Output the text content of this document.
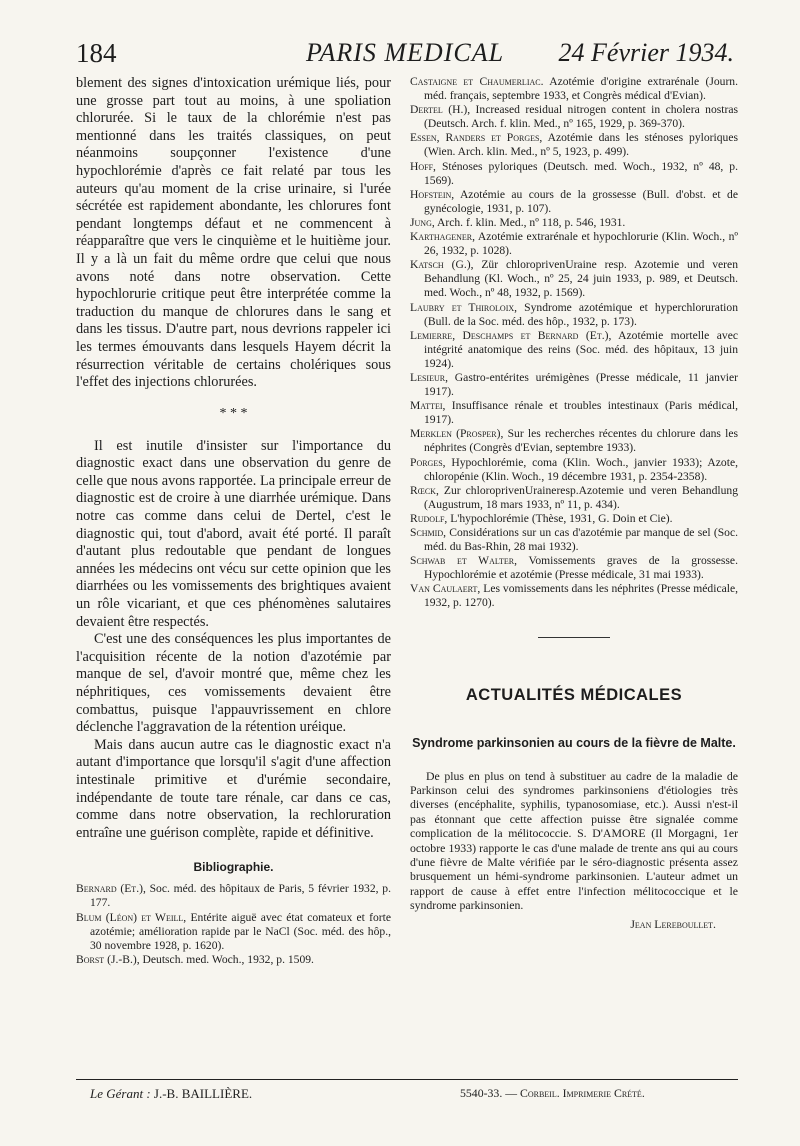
184	PARIS MEDICAL	24 Février 1934.

blement des signes d'intoxication urémique liés, pour une grosse part tout au moins, à une spoliation chlorurée. Si le taux de la chlorémie n'est pas mentionné dans les traités classiques, on peut néanmoins soupçonner l'existence d'une hypochlorémie d'après ce fait relaté par tous les auteurs qu'au moment de la crise urinaire, si l'urée sécrétée est rapidement abondante, les chlorures font pendant longtemps défaut et ne commencent à réapparaître que vers le cinquième et le huitième jour. Il y a là un fait du même ordre que celui que nous avons noté dans notre observation. Cette hypochlorurie critique peut être interprétée comme la traduction du manque de chlorures dans le sang et dans les tissus. D'autre part, nous devrions rappeler ici les termes émouvants dans lesquels Hayem décrit la résurrection véritable de certains cholériques sous l'effet des injections chlorurées.

* * *

Il est inutile d'insister sur l'importance du diagnostic exact dans une observation du genre de celle que nous avons rapportée. La principale erreur de diagnostic est de croire à une diarrhée urémique. Dans notre cas comme dans celui de Dertel, c'est le diagnostic qui, tout d'abord, avait été porté. Il paraît d'autant plus redoutable que pendant de longues années les médecins ont vécu sur cette opinion que les diarrhées ou les vomissements des brightiques avaient un rôle vicariant, et que ces phénomènes salutaires devaient être respectés.

C'est une des conséquences les plus importantes de l'acquisition récente de la notion d'azotémie par manque de sel, d'avoir montré que, même chez les néphritiques, ces vomissements devaient être combattus, puisque l'appauvrissement en chlore déclenche l'aggravation de la rétention uréique.

Mais dans aucun autre cas le diagnostic exact n'a autant d'importance que lorsqu'il s'agit d'une affection intestinale primitive et d'urémie secondaire, indépendante de toute tare rénale, car dans ce cas, comme dans notre observation, la rechloruration entraîne une guérison complète, rapide et définitive.

Bibliographie.

Bernard (Et.), Soc. méd. des hôpitaux de Paris, 5 février 1932, p. 177.

Blum (Léon) et Weill, Entérite aiguë avec état comateux et forte azotémie; amélioration rapide par le NaCl (Soc. méd. des hôp., 30 novembre 1928, p. 1620).

Borst (J.-B.), Deutsch. med. Woch., 1932, p. 1509.

Castaigne et Chaumerliac. Azotémie d'origine extrarénale (Journ. méd. français, septembre 1933, et Congrès médical d'Evian).

Dertel (H.), Increased residual nitrogen content in cholera nostras (Deutsch. Arch. f. klin. Med., nº 165, 1929, p. 369-370).

Essen, Randers et Porges, Azotémie dans les sténoses pyloriques (Wien. Arch. klin. Med., nº 5, 1923, p. 499).

Hoff, Sténoses pyloriques (Deutsch. med. Woch., 1932, nº 48, p. 1569).

Hofstein, Azotémie au cours de la grossesse (Bull. d'obst. et de gynécologie, 1931, p. 107).

Jung, Arch. f. klin. Med., nº 118, p. 546, 1931.

Karthagener, Azotémie extrarénale et hypochlorurie (Klin. Woch., nº 26, 1932, p. 1028).

Katsch (G.), Zür chloroprivenUraine resp. Azotemie und veren Behandlung (Kl. Woch., nº 25, 24 juin 1933, p. 989, et Deutsch. med. Woch., nº 48, 1932, p. 1569).

Laubry et Thiroloix, Syndrome azotémique et hyperchloruration (Bull. de la Soc. méd. des hôp., 1932, p. 173).

Lemierre, Deschamps et Bernard (Et.), Azotémie mortelle avec intégrité anatomique des reins (Soc. méd. des hôpitaux, 13 juin 1924).

Lesieur, Gastro-entérites urémigènes (Presse médicale, 11 janvier 1917).

Mattei, Insuffisance rénale et troubles intestinaux (Paris médical, 1917).

Merklen (Prosper), Sur les recherches récentes du chlorure dans les néphrites (Congrès d'Evian, septembre 1933).

Porges, Hypochlorémie, coma (Klin. Woch., janvier 1933); Azote, chloropénie (Klin. Woch., 19 décembre 1931, p. 2354-2358).

Rœck, Zur chloroprivenUraineresp.Azotemie und veren Behandlung (Augustrum, 18 mars 1933, nº 11, p. 434).

Rudolf, L'hypochlorémie (Thèse, 1931, G. Doin et Cie).

Schmid, Considérations sur un cas d'azotémie par manque de sel (Soc. méd. du Bas-Rhin, 28 mai 1932).

Schwab et Walter, Vomissements graves de la grossesse. Hypochlorémie et azotémie (Presse médicale, 31 mai 1933).

Van Caulaert, Les vomissements dans les néphrites (Presse médicale, 1932, p. 1270).

ACTUALITÉS MÉDICALES
Syndrome parkinsonien au cours de la fièvre de Malte.

De plus en plus on tend à substituer au cadre de la maladie de Parkinson celui des syndromes parkinsoniens d'étiologies très diverses (encéphalite, syphilis, typanosomiase, etc.). Aussi n'est-il pas étonnant que cette affection puisse être signalée comme complication de la mélitococcie. S. D'AMORE (Il Morgagni, 1er octobre 1933) rapporte le cas d'une malade de trente ans qui au cours d'une fièvre de Malte vérifiée par le séro-diagnostic présenta assez brusquement un hémi-syndrome parkinsonien. L'auteur admet un rapport de cause à effet entre l'infection mélitococcique et le syndrome parkinsonien.

Jean Lereboullet.
Le Gérant : J.-B. BAILLIÈRE.	5540-33. — Corbeil. Imprimerie Crété.
